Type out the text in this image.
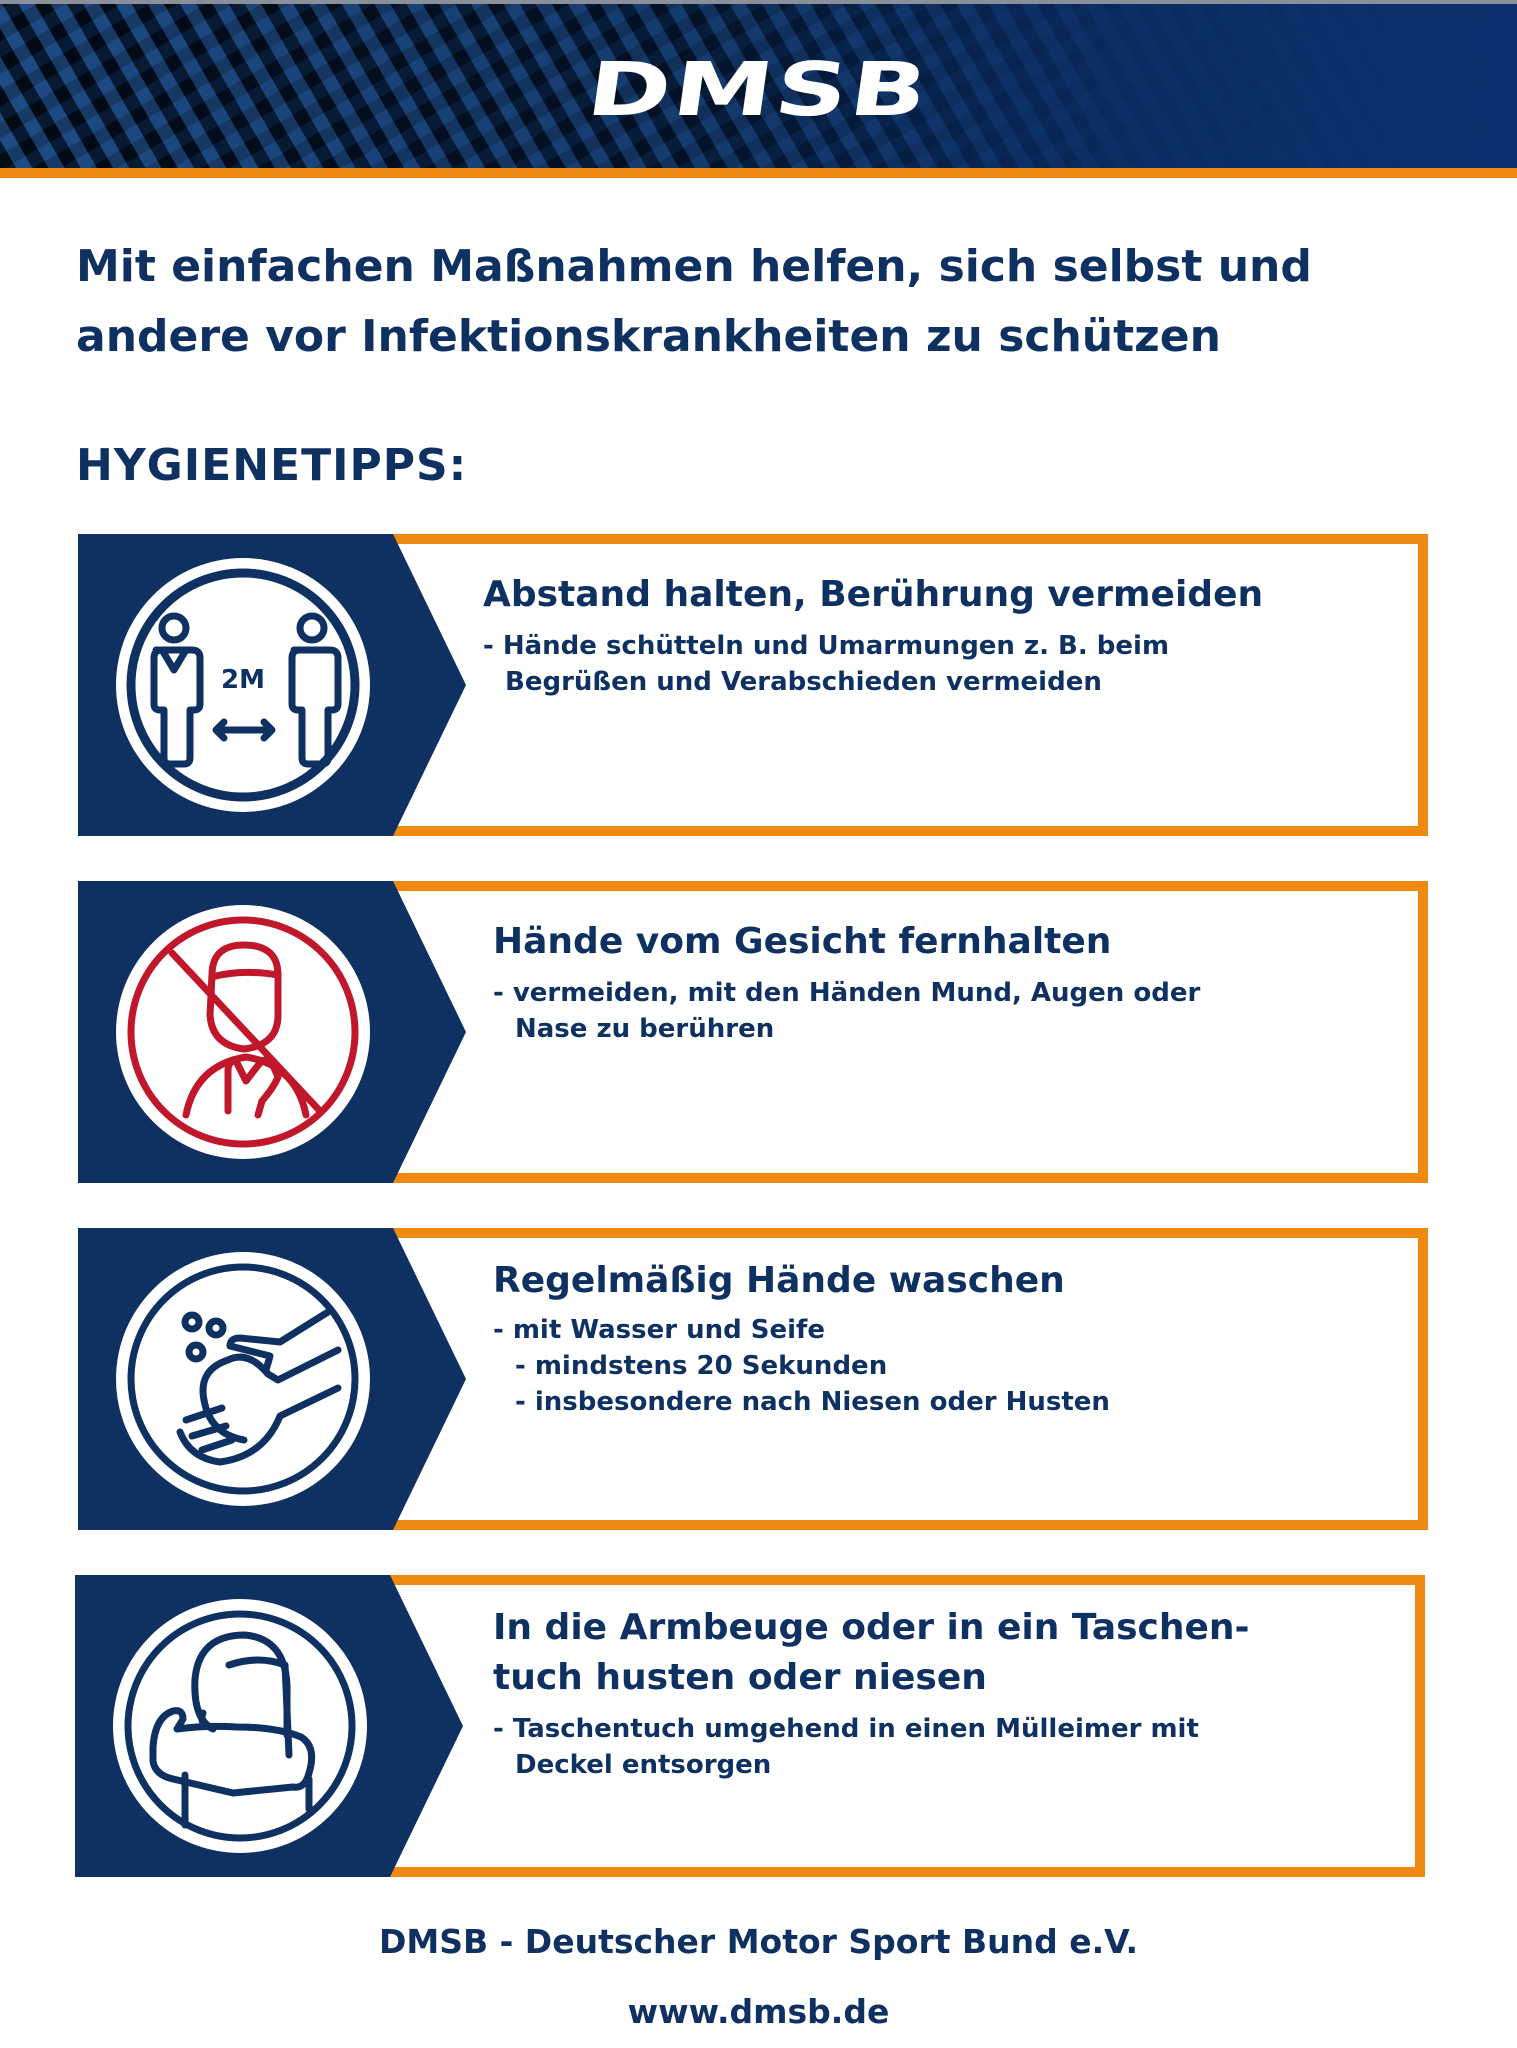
DMSB
Mit einfachen Maßnahmen helfen, sich selbst und
andere vor Infektionskrankheiten zu schützen
HYGIENETIPPS:
2M

Abstand halten, Berührung vermeiden

- Hände schütteln und Umarmungen z. B. beim
Begrüßen und Verabschieden vermeiden

Hände vom Gesicht fernhalten

- vermeiden, mit den Händen Mund, Augen oder
Nase zu berühren

Regelmäßig Hände waschen

- mit Wasser und Seife
- mindstens 20 Sekunden
- insbesondere nach Niesen oder Husten

In die Armbeuge oder in ein Taschen-
tuch husten oder niesen

- Taschentuch umgehend in einen Mülleimer mit
Deckel entsorgen

DMSB - Deutscher Motor Sport Bund e.V.
www.dmsb.de
